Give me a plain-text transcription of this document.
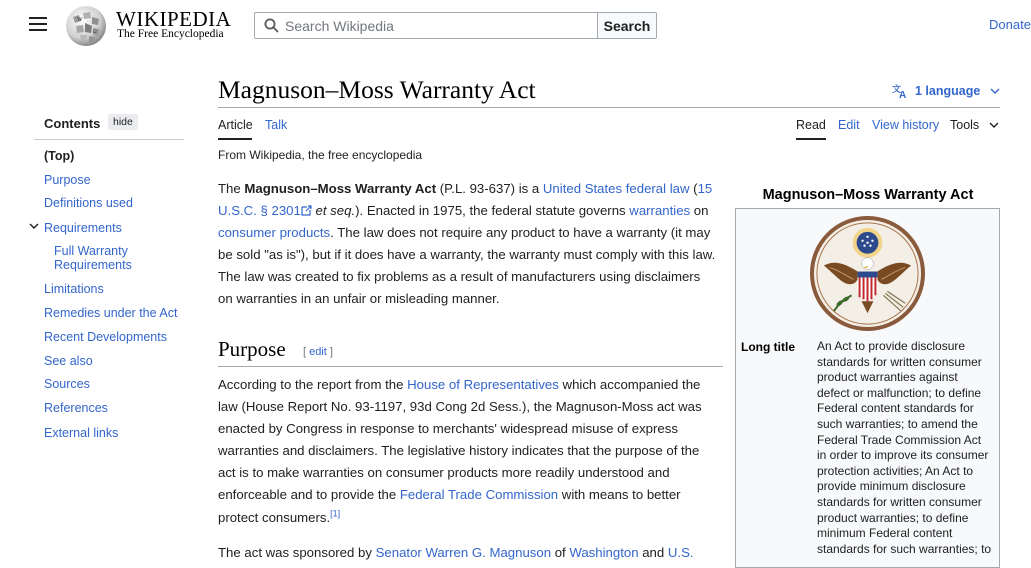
W
Ω
WIKIPEDIA
The Free Encyclopedia
Search Wikipedia
Search	Donate
Contents	hide
(Top)
Purpose
Definitions used
Requirements
Full Warranty Requirements
Limitations
Remedies under the Act
Recent Developments
See also
Sources
References
External links
Magnuson–Moss Warranty Act	文
A 1 language
Article Talk	Read Edit View history Tools
From Wikipedia, the free encyclopedia
The Magnuson–Moss Warranty Act (P.L. 93-637) is a United States federal law (15 U.S.C. § 2301 et seq.). Enacted in 1975, the federal statute governs warranties on consumer products. The law does not require any product to have a warranty (it may be sold "as is"), but if it does have a warranty, the warranty must comply with this law. The law was created to fix problems as a result of manufacturers using disclaimers on warranties in an unfair or misleading manner.
Purpose [ edit ]
According to the report from the House of Representatives which accompanied the law (House Report No. 93-1197, 93d Cong 2d Sess.), the Magnuson-Moss act was enacted by Congress in response to merchants' widespread misuse of express warranties and disclaimers. The legislative history indicates that the purpose of the act is to make warranties on consumer products more readily understood and enforceable and to provide the Federal Trade Commission with means to better protect consumers.[1]
The act was sponsored by Senator Warren G. Magnuson of Washington and U.S.
Magnuson–Moss Warranty Act
Long title An Act to provide disclosure standards for written consumer product warranties against defect or malfunction; to define Federal content standards for such warranties; to amend the Federal Trade Commission Act in order to improve its consumer protection activities; An Act to provide minimum disclosure standards for written consumer product warranties; to define minimum Federal content standards for such warranties; to
